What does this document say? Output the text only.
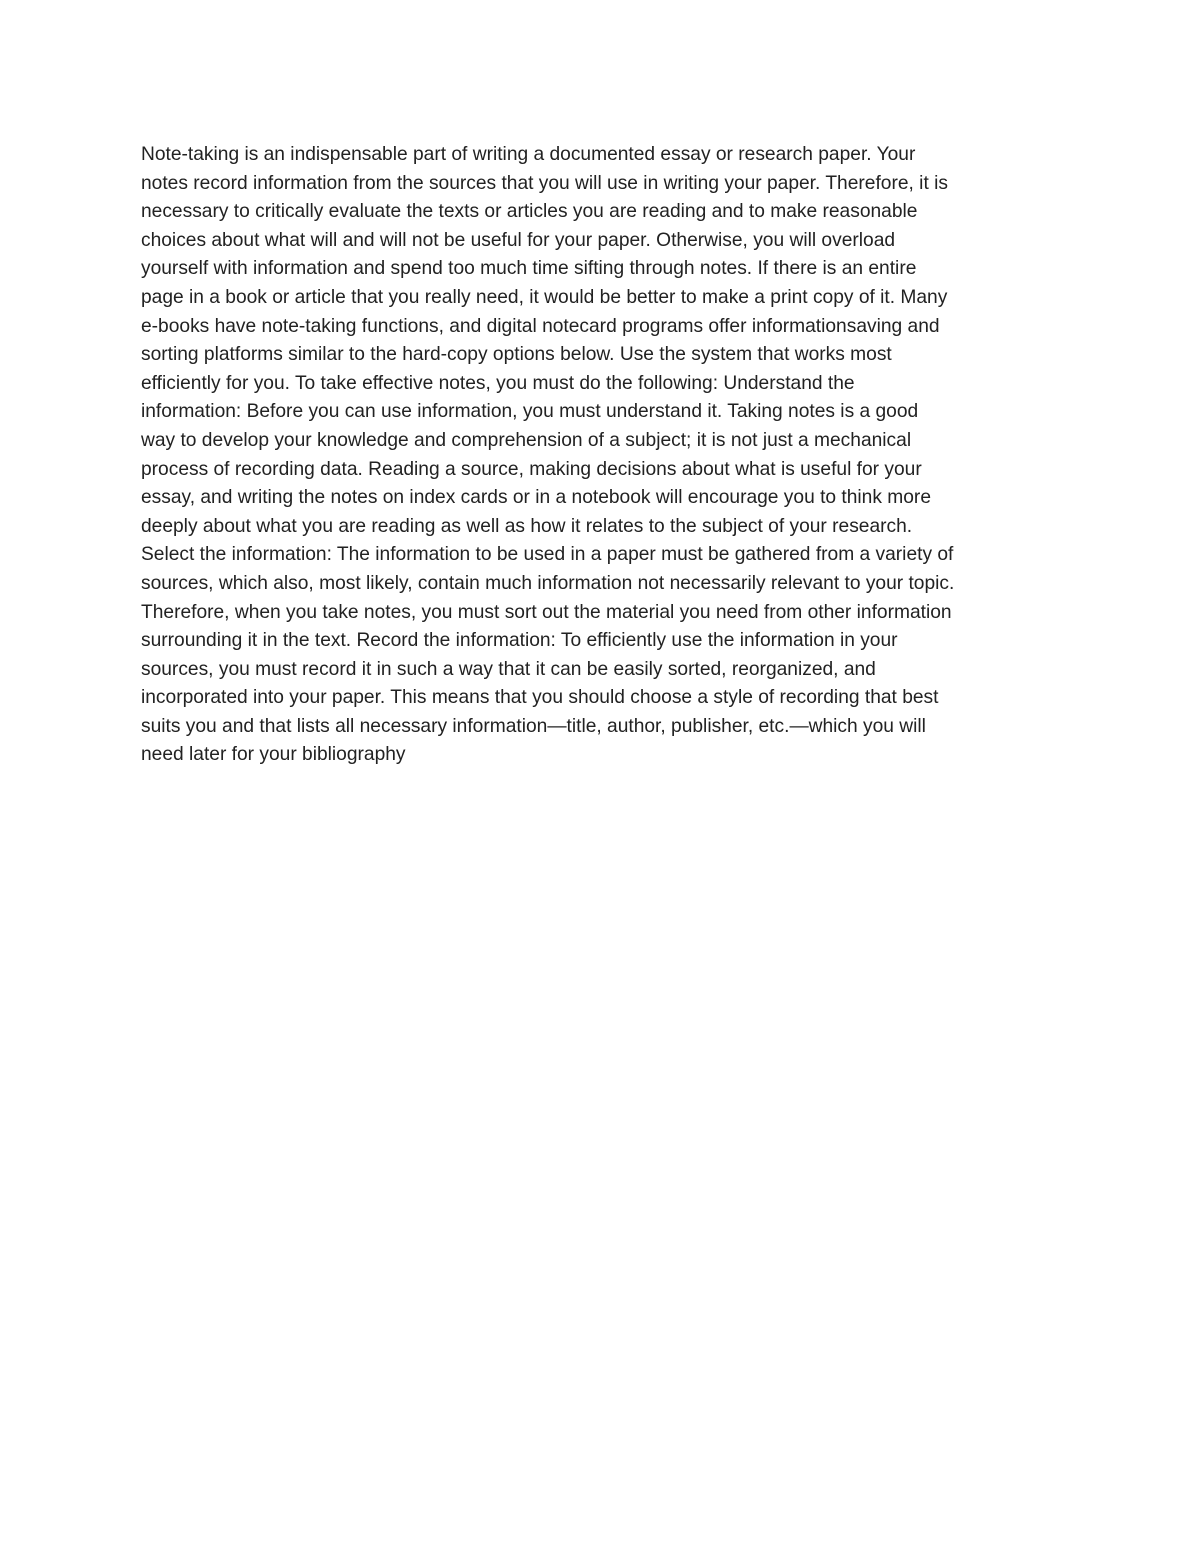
Note-taking is an indispensable part of writing a documented essay or research paper. Your
notes record information from the sources that you will use in writing your paper. Therefore, it is
necessary to critically evaluate the texts or articles you are reading and to make reasonable
choices about what will and will not be useful for your paper. Otherwise, you will overload
yourself with information and spend too much time sifting through notes. If there is an entire
page in a book or article that you really need, it would be better to make a print copy of it. Many
e-books have note-taking functions, and digital notecard programs offer informationsaving and
sorting platforms similar to the hard-copy options below. Use the system that works most
efficiently for you. To take effective notes, you must do the following: Understand the
information: Before you can use information, you must understand it. Taking notes is a good
way to develop your knowledge and comprehension of a subject; it is not just a mechanical
process of recording data. Reading a source, making decisions about what is useful for your
essay, and writing the notes on index cards or in a notebook will encourage you to think more
deeply about what you are reading as well as how it relates to the subject of your research.
Select the information: The information to be used in a paper must be gathered from a variety of
sources, which also, most likely, contain much information not necessarily relevant to your topic.
Therefore, when you take notes, you must sort out the material you need from other information
surrounding it in the text. Record the information: To efficiently use the information in your
sources, you must record it in such a way that it can be easily sorted, reorganized, and
incorporated into your paper. This means that you should choose a style of recording that best
suits you and that lists all necessary information—title, author, publisher, etc.—which you will
need later for your bibliography
